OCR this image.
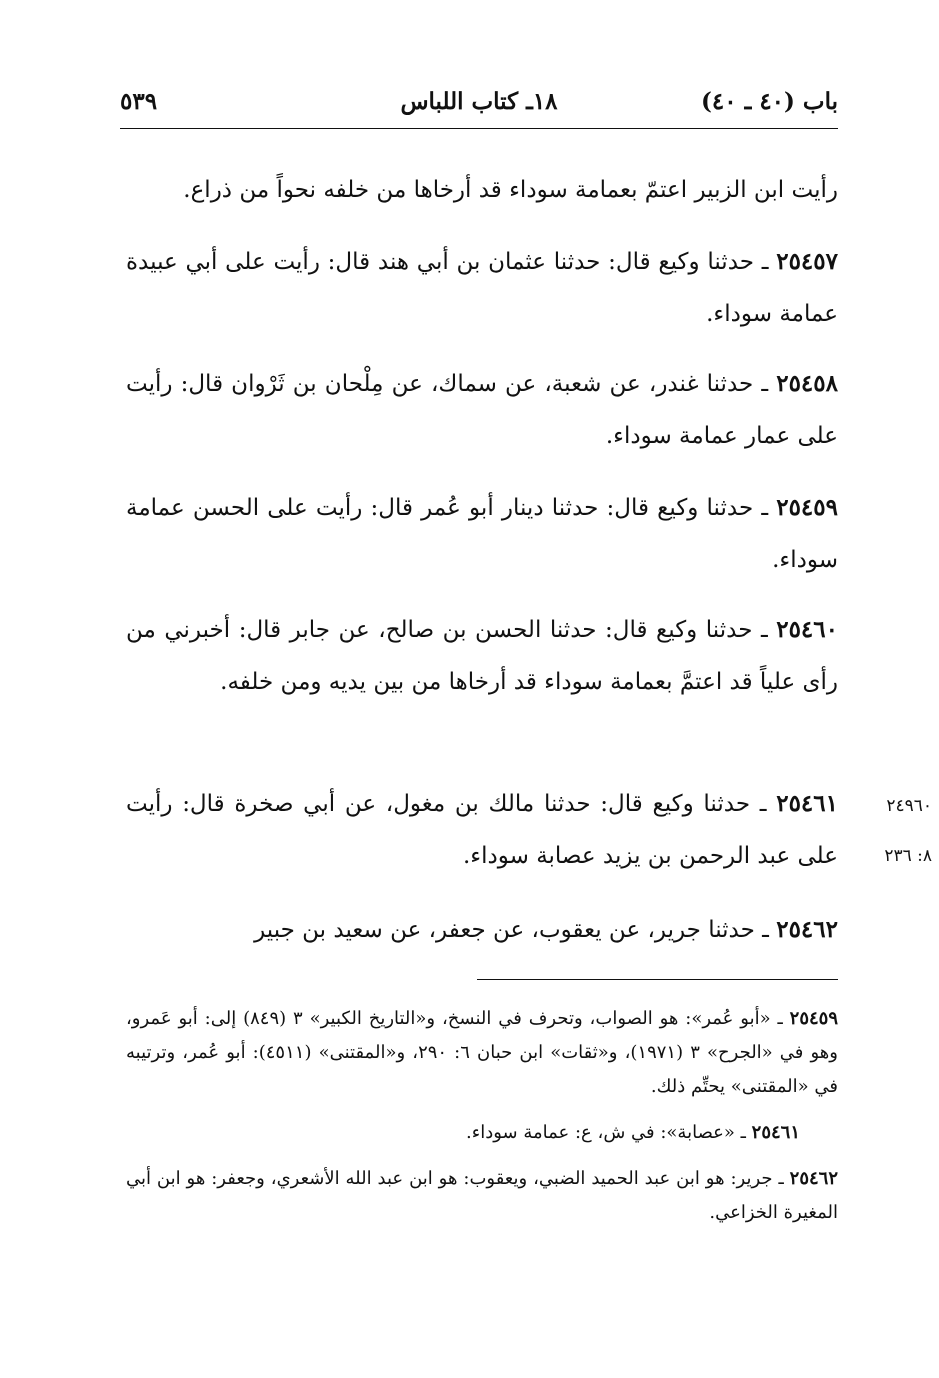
باب (٤٠ ـ ٤٠)
١٨ـ كتاب اللباس
٥٣٩
رأيت ابن الزبير اعتمّ بعمامة سوداء قد أرخاها من خلفه نحواً من ذراع.
٢٥٤٥٧ ـ حدثنا وكيع قال: حدثنا عثمان بن أبي هند قال: رأيت على أبي عبيدة عمامة سوداء.
٢٥٤٥٨ ـ حدثنا غندر، عن شعبة، عن سماك، عن مِلْحان بن ثَرْوان قال: رأيت على عمار عمامة سوداء.
٢٥٤٥٩ ـ حدثنا وكيع قال: حدثنا دينار أبو عُمر قال: رأيت على الحسن عمامة سوداء.
٢٥٤٦٠ ـ حدثنا وكيع قال: حدثنا الحسن بن صالح، عن جابر قال: أخبرني من رأى علياً قد اعتمَّ بعمامة سوداء قد أرخاها من بين يديه ومن خلفه.
٢٥٤٦١ ـ حدثنا وكيع قال: حدثنا مالك بن مغول، عن أبي صخرة قال: رأيت على عبد الرحمن بن يزيد عصابة سوداء.
٢٤٩٦٠
٨: ٢٣٦
٢٥٤٦٢ ـ حدثنا جرير، عن يعقوب، عن جعفر، عن سعيد بن جبير
٢٥٤٥٩ ـ «أبو عُمر»: هو الصواب، وتحرف في النسخ، و«التاريخ الكبير» ٣ (٨٤٩) إلى: أبو عَمرو، وهو في «الجرح» ٣ (١٩٧١)، و«ثقات» ابن حبان ٦: ٢٩٠، و«المقتنى» (٤٥١١): أبو عُمر، وترتيبه في «المقتنى» يحتِّم ذلك.
٢٥٤٦١ ـ «عصابة»: في ش، ع: عمامة سوداء.
٢٥٤٦٢ ـ جرير: هو ابن عبد الحميد الضبي، ويعقوب: هو ابن عبد الله الأشعري، وجعفر: هو ابن أبي المغيرة الخزاعي.
